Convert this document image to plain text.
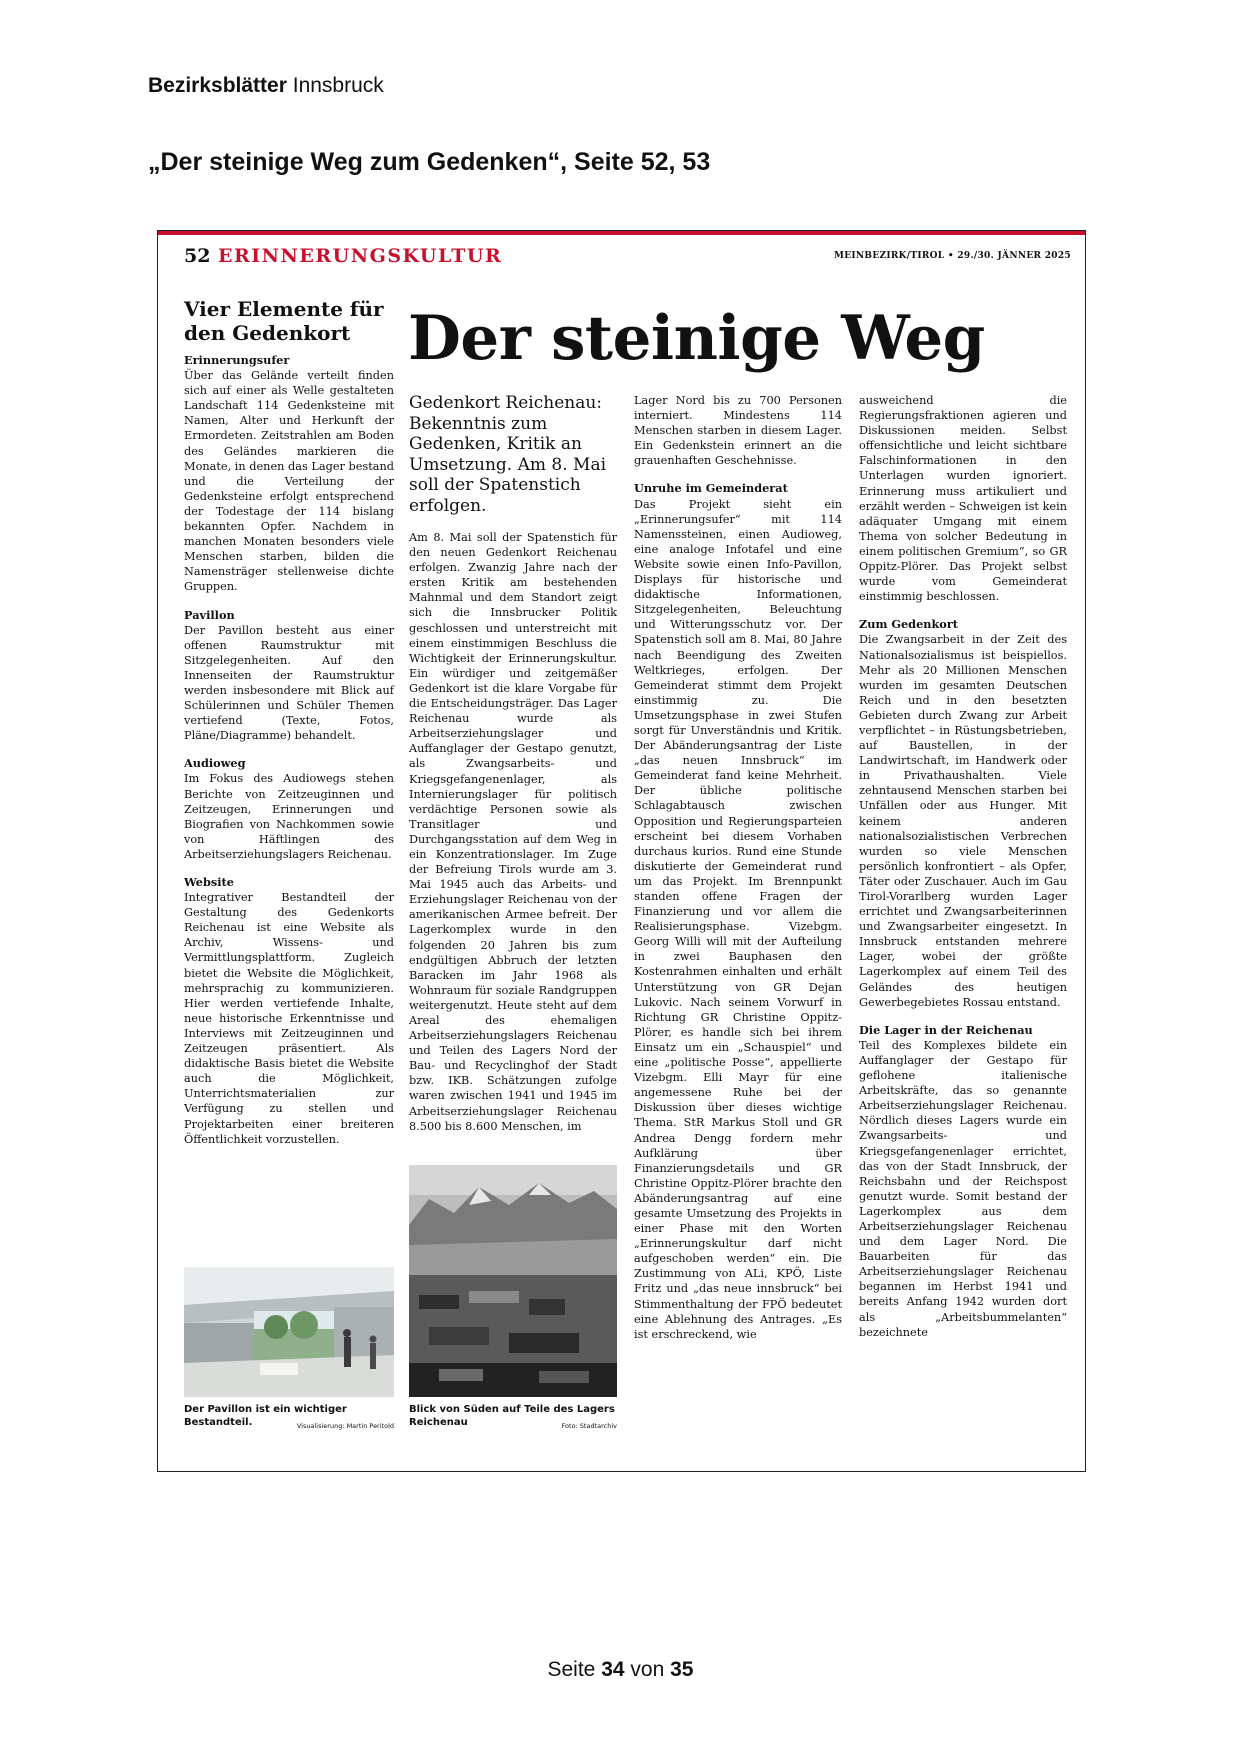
Bezirksblätter Innsbruck
„Der steinige Weg zum Gedenken“, Seite 52, 53
52 ERINNERUNGSKULTUR	MEINBEZIRK/TIROL • 29./30. JÄNNER 2025
Vier Elemente für den Gedenkort
Erinnerungsufer

Über das Gelände verteilt finden sich auf einer als Welle gestalteten Landschaft 114 Gedenksteine mit Namen, Alter und Herkunft der Ermordeten. Zeitstrahlen am Boden des Geländes markieren die Monate, in denen das Lager bestand und die Verteilung der Gedenksteine erfolgt entsprechend der Todestage der 114 bislang bekannten Opfer. Nachdem in manchen Monaten besonders viele Menschen starben, bilden die Namensträger stellenweise dichte Gruppen.

Pavillon

Der Pavillon besteht aus einer offenen Raumstruktur mit Sitzgelegenheiten. Auf den Innenseiten der Raumstruktur werden insbesondere mit Blick auf Schülerinnen und Schüler Themen vertiefend (Texte, Fotos, Pläne/Diagramme) behandelt.

Audioweg

Im Fokus des Audiowegs stehen Berichte von Zeitzeuginnen und Zeitzeugen, Erinnerungen und Biografien von Nachkommen sowie von Häftlingen des Arbeitserziehungslagers Reichenau.

Website

Integrativer Bestandteil der Gestaltung des Gedenkorts Reichenau ist eine Website als Archiv, Wissens- und Vermittlungsplattform. Zugleich bietet die Website die Möglichkeit, mehrsprachig zu kommunizieren. Hier werden vertiefende Inhalte, neue historische Erkenntnisse und Interviews mit Zeitzeuginnen und Zeitzeugen präsentiert. Als didaktische Basis bietet die Website auch die Möglichkeit, Unterrichtsmaterialien zur Verfügung zu stellen und Projektarbeiten einer breiteren Öffentlichkeit vorzustellen.

Der steinige Weg
Gedenkort Reichenau: Bekenntnis zum Gedenken, Kritik an Umsetzung. Am 8. Mai soll der Spatenstich erfolgen.

Am 8. Mai soll der Spatenstich für den neuen Gedenkort Reichenau erfolgen. Zwanzig Jahre nach der ersten Kritik am bestehenden Mahnmal und dem Standort zeigt sich die Innsbrucker Politik geschlossen und unterstreicht mit einem einstimmigen Beschluss die Wichtigkeit der Erinnerungskultur. Ein würdiger und zeitgemäßer Gedenkort ist die klare Vorgabe für die Entscheidungsträger. Das Lager Reichenau wurde als Arbeitserziehungslager und Auffanglager der Gestapo genutzt, als Zwangsarbeits- und Kriegsgefangenenlager, als Internierungslager für politisch verdächtige Personen sowie als Transitlager und Durchgangsstation auf dem Weg in ein Konzentrationslager. Im Zuge der Befreiung Tirols wurde am 3. Mai 1945 auch das Arbeits- und Erziehungslager Reichenau von der amerikanischen Armee befreit. Der Lagerkomplex wurde in den folgenden 20 Jahren bis zum endgültigen Abbruch der letzten Baracken im Jahr 1968 als Wohnraum für soziale Randgruppen weitergenutzt. Heute steht auf dem Areal des ehemaligen Arbeitserziehungslagers Reichenau und Teilen des Lagers Nord der Bau- und Recyclinghof der Stadt bzw. IKB. Schätzungen zufolge waren zwischen 1941 und 1945 im Arbeitserziehungslager Reichenau 8.500 bis 8.600 Menschen, im

Lager Nord bis zu 700 Personen interniert. Mindestens 114 Menschen starben in diesem Lager. Ein Gedenkstein erinnert an die grauenhaften Geschehnisse.

Unruhe im Gemeinderat

Das Projekt sieht ein „Erinnerungsufer“ mit 114 Namenssteinen, einen Audioweg, eine analoge Infotafel und eine Website sowie einen Info-Pavillon, Displays für historische und didaktische Informationen, Sitzgelegenheiten, Beleuchtung und Witterungsschutz vor. Der Spatenstich soll am 8. Mai, 80 Jahre nach Beendigung des Zweiten Weltkrieges, erfolgen. Der Gemeinderat stimmt dem Projekt einstimmig zu. Die Umsetzungsphase in zwei Stufen sorgt für Unverständnis und Kritik. Der Abänderungsantrag der Liste „das neuen Innsbruck“ im Gemeinderat fand keine Mehrheit. Der übliche politische Schlagabtausch zwischen Opposition und Regierungsparteien erscheint bei diesem Vorhaben durchaus kurios. Rund eine Stunde diskutierte der Gemeinderat rund um das Projekt. Im Brennpunkt standen offene Fragen der Finanzierung und vor allem die Realisierungsphase. Vizebgm. Georg Willi will mit der Aufteilung in zwei Bauphasen den Kostenrahmen einhalten und erhält Unterstützung von GR Dejan Lukovic. Nach seinem Vorwurf in Richtung GR Christine Oppitz-Plörer, es handle sich bei ihrem Einsatz um ein „Schauspiel“ und eine „politische Posse“, appellierte Vizebgm. Elli Mayr für eine angemessene Ruhe bei der Diskussion über dieses wichtige Thema. StR Markus Stoll und GR Andrea Dengg fordern mehr Aufklärung über Finanzierungsdetails und GR Christine Oppitz-Plörer brachte den Abänderungsantrag auf eine gesamte Umsetzung des Projekts in einer Phase mit den Worten „Erinnerungskultur darf nicht aufgeschoben werden“ ein. Die Zustimmung von ALi, KPÖ, Liste Fritz und „das neue innsbruck“ bei Stimmenthaltung der FPÖ bedeutet eine Ablehnung des Antrages. „Es ist erschreckend, wie

ausweichend die Regierungsfraktionen agieren und Diskussionen meiden. Selbst offensichtliche und leicht sichtbare Falschinformationen in den Unterlagen wurden ignoriert. Erinnerung muss artikuliert und erzählt werden – Schweigen ist kein adäquater Umgang mit einem Thema von solcher Bedeutung in einem politischen Gremium“, so GR Oppitz-Plörer. Das Projekt selbst wurde vom Gemeinderat einstimmig beschlossen.

Zum Gedenkort

Die Zwangsarbeit in der Zeit des Nationalsozialismus ist beispiellos. Mehr als 20 Millionen Menschen wurden im gesamten Deutschen Reich und in den besetzten Gebieten durch Zwang zur Arbeit verpflichtet – in Rüstungsbetrieben, auf Baustellen, in der Landwirtschaft, im Handwerk oder in Privathaushalten. Viele zehntausend Menschen starben bei Unfällen oder aus Hunger. Mit keinem anderen nationalsozialistischen Verbrechen wurden so viele Menschen persönlich konfrontiert – als Opfer, Täter oder Zuschauer. Auch im Gau Tirol-Vorarlberg wurden Lager errichtet und Zwangsarbeiterinnen und Zwangsarbeiter eingesetzt. In Innsbruck entstanden mehrere Lager, wobei der größte Lagerkomplex auf einem Teil des Geländes des heutigen Gewerbegebietes Rossau entstand.

Die Lager in der Reichenau

Teil des Komplexes bildete ein Auffanglager der Gestapo für geflohene italienische Arbeitskräfte, das so genannte Arbeitserziehungslager Reichenau. Nördlich dieses Lagers wurde ein Zwangsarbeits- und Kriegsgefangenenlager errichtet, das von der Stadt Innsbruck, der Reichsbahn und der Reichspost genutzt wurde. Somit bestand der Lagerkomplex aus dem Arbeitserziehungslager Reichenau und dem Lager Nord. Die Bauarbeiten für das Arbeitserziehungslager Reichenau begannen im Herbst 1941 und bereits Anfang 1942 wurden dort als „Arbeitsbummelanten“ bezeichnete

Der Pavillon ist ein wichtiger Bestandteil.	Visualisierung: Martin Peritold
Blick von Süden auf Teile des Lagers Reichenau	Foto: Stadtarchiv
Seite 34 von 35
